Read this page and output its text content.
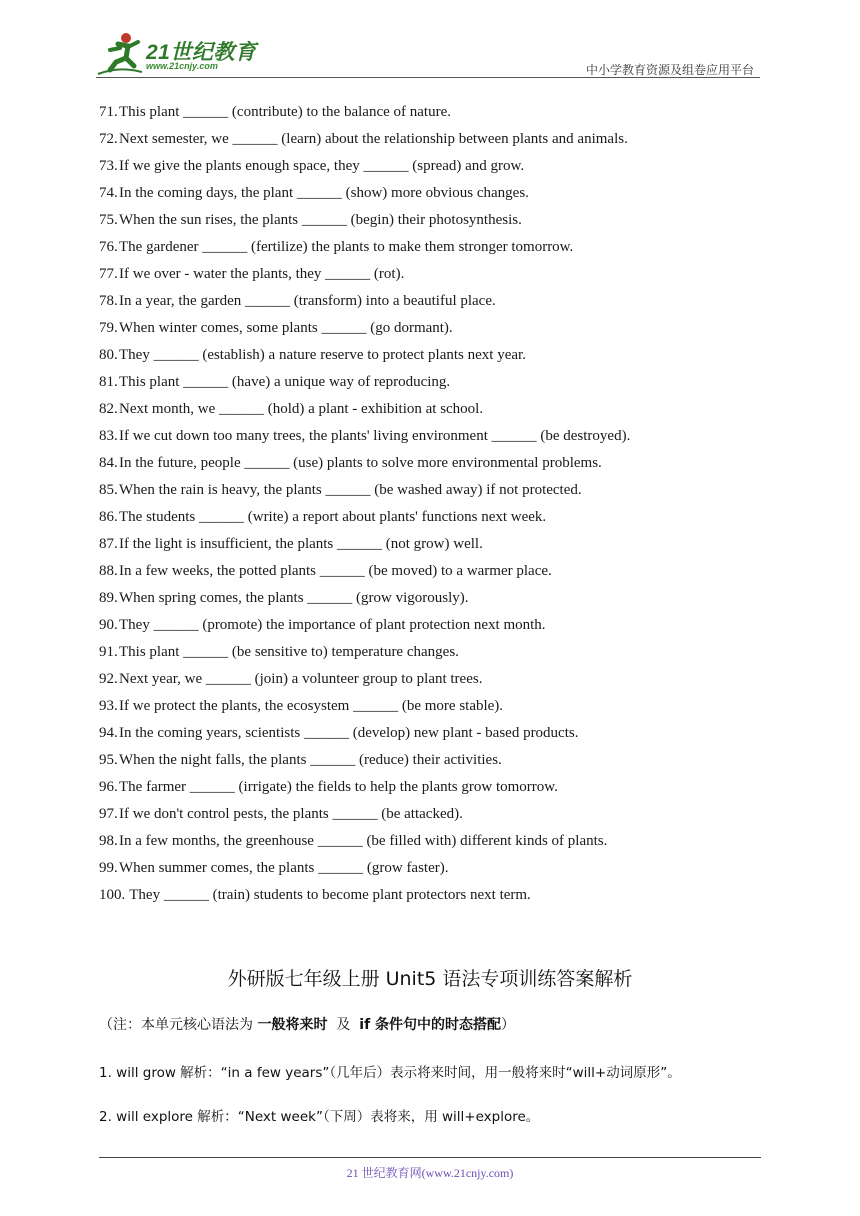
21世纪教育
www.21cnjy.com	中小学教育资源及组卷应用平台
71.This plant ______ (contribute) to the balance of nature.
72.Next semester, we ______ (learn) about the relationship between plants and animals.
73.If we give the plants enough space, they ______ (spread) and grow.
74.In the coming days, the plant ______ (show) more obvious changes.
75.When the sun rises, the plants ______ (begin) their photosynthesis.
76.The gardener ______ (fertilize) the plants to make them stronger tomorrow.
77.If we over - water the plants, they ______ (rot).
78.In a year, the garden ______ (transform) into a beautiful place.
79.When winter comes, some plants ______ (go dormant).
80.They ______ (establish) a nature reserve to protect plants next year.
81.This plant ______ (have) a unique way of reproducing.
82.Next month, we ______ (hold) a plant - exhibition at school.
83.If we cut down too many trees, the plants' living environment ______ (be destroyed).
84.In the future, people ______ (use) plants to solve more environmental problems.
85.When the rain is heavy, the plants ______ (be washed away) if not protected.
86.The students ______ (write) a report about plants' functions next week.
87.If the light is insufficient, the plants ______ (not grow) well.
88.In a few weeks, the potted plants ______ (be moved) to a warmer place.
89.When spring comes, the plants ______ (grow vigorously).
90.They ______ (promote) the importance of plant protection next month.
91.This plant ______ (be sensitive to) temperature changes.
92.Next year, we ______ (join) a volunteer group to plant trees.
93.If we protect the plants, the ecosystem ______ (be more stable).
94.In the coming years, scientists ______ (develop) new plant - based products.
95.When the night falls, the plants ______ (reduce) their activities.
96.The farmer ______ (irrigate) the fields to help the plants grow tomorrow.
97.If we don't control pests, the plants ______ (be attacked).
98.In a few months, the greenhouse ______ (be filled with) different kinds of plants.
99.When summer comes, the plants ______ (grow faster).
100. They ______ (train) students to become plant protectors next term.
外研版七年级上册 Unit5 语法专项训练答案解析
（注：本单元核心语法为 一般将来时 及 if 条件句中的时态搭配）
1. will grow 解析：“in a few years”（几年后）表示将来时间，用一般将来时“will+动词原形”。
2. will explore 解析：“Next week”（下周）表将来，用 will+explore。
21 世纪教育网(www.21cnjy.com)
